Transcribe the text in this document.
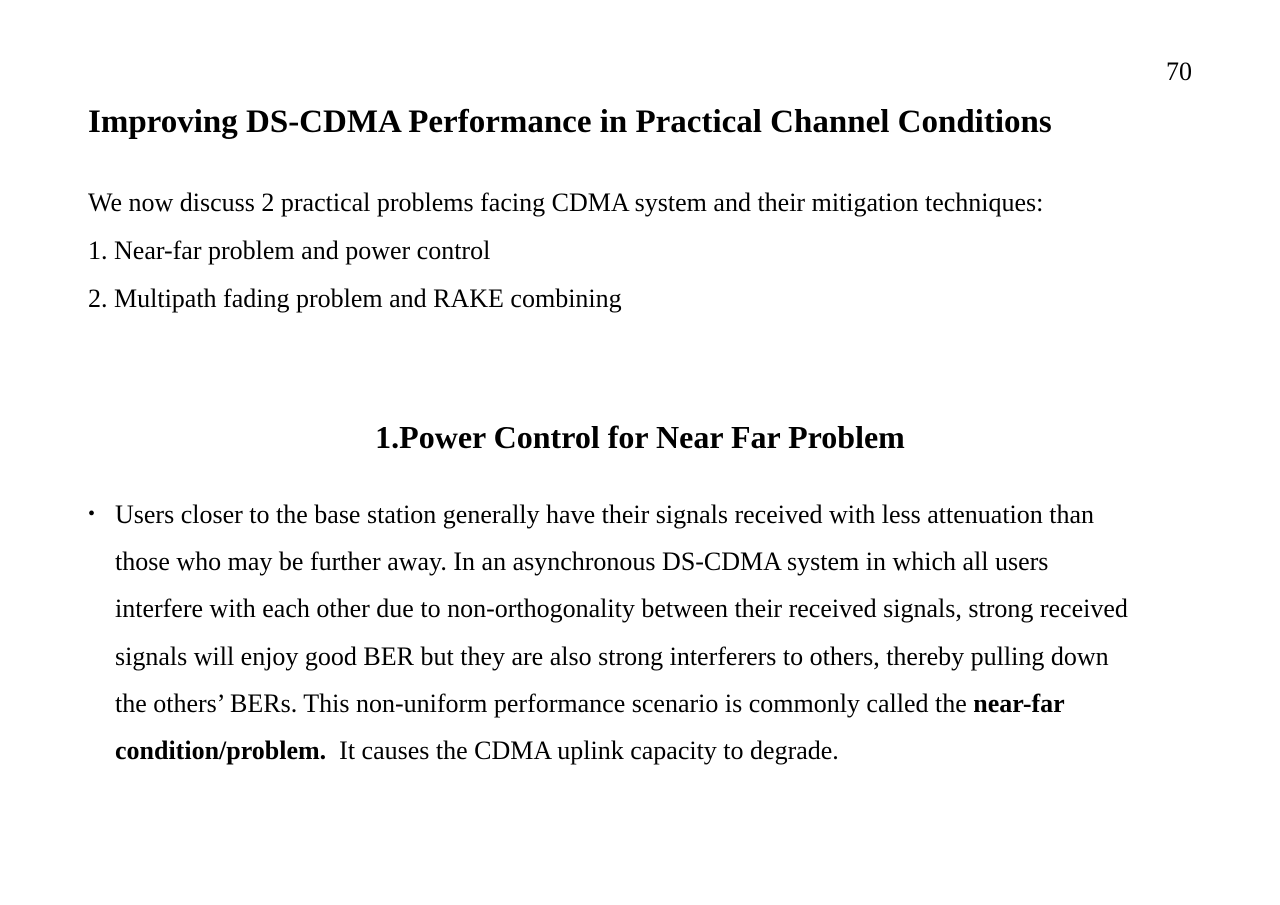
70
Improving DS-CDMA Performance in Practical Channel Conditions

We now discuss 2 practical problems facing CDMA system and their mitigation techniques:

1. Near-far problem and power control

2. Multipath fading problem and RAKE combining

1.Power Control for Near Far Problem
• Users closer to the base station generally have their signals received with less attenuation than
those who may be further away. In an asynchronous DS-CDMA system in which all users
interfere with each other due to non-orthogonality between their received signals, strong received
signals will enjoy good BER but they are also strong interferers to others, thereby pulling down
the others’ BERs. This non-uniform performance scenario is commonly called the near-far
condition/problem.  It causes the CDMA uplink capacity to degrade.
